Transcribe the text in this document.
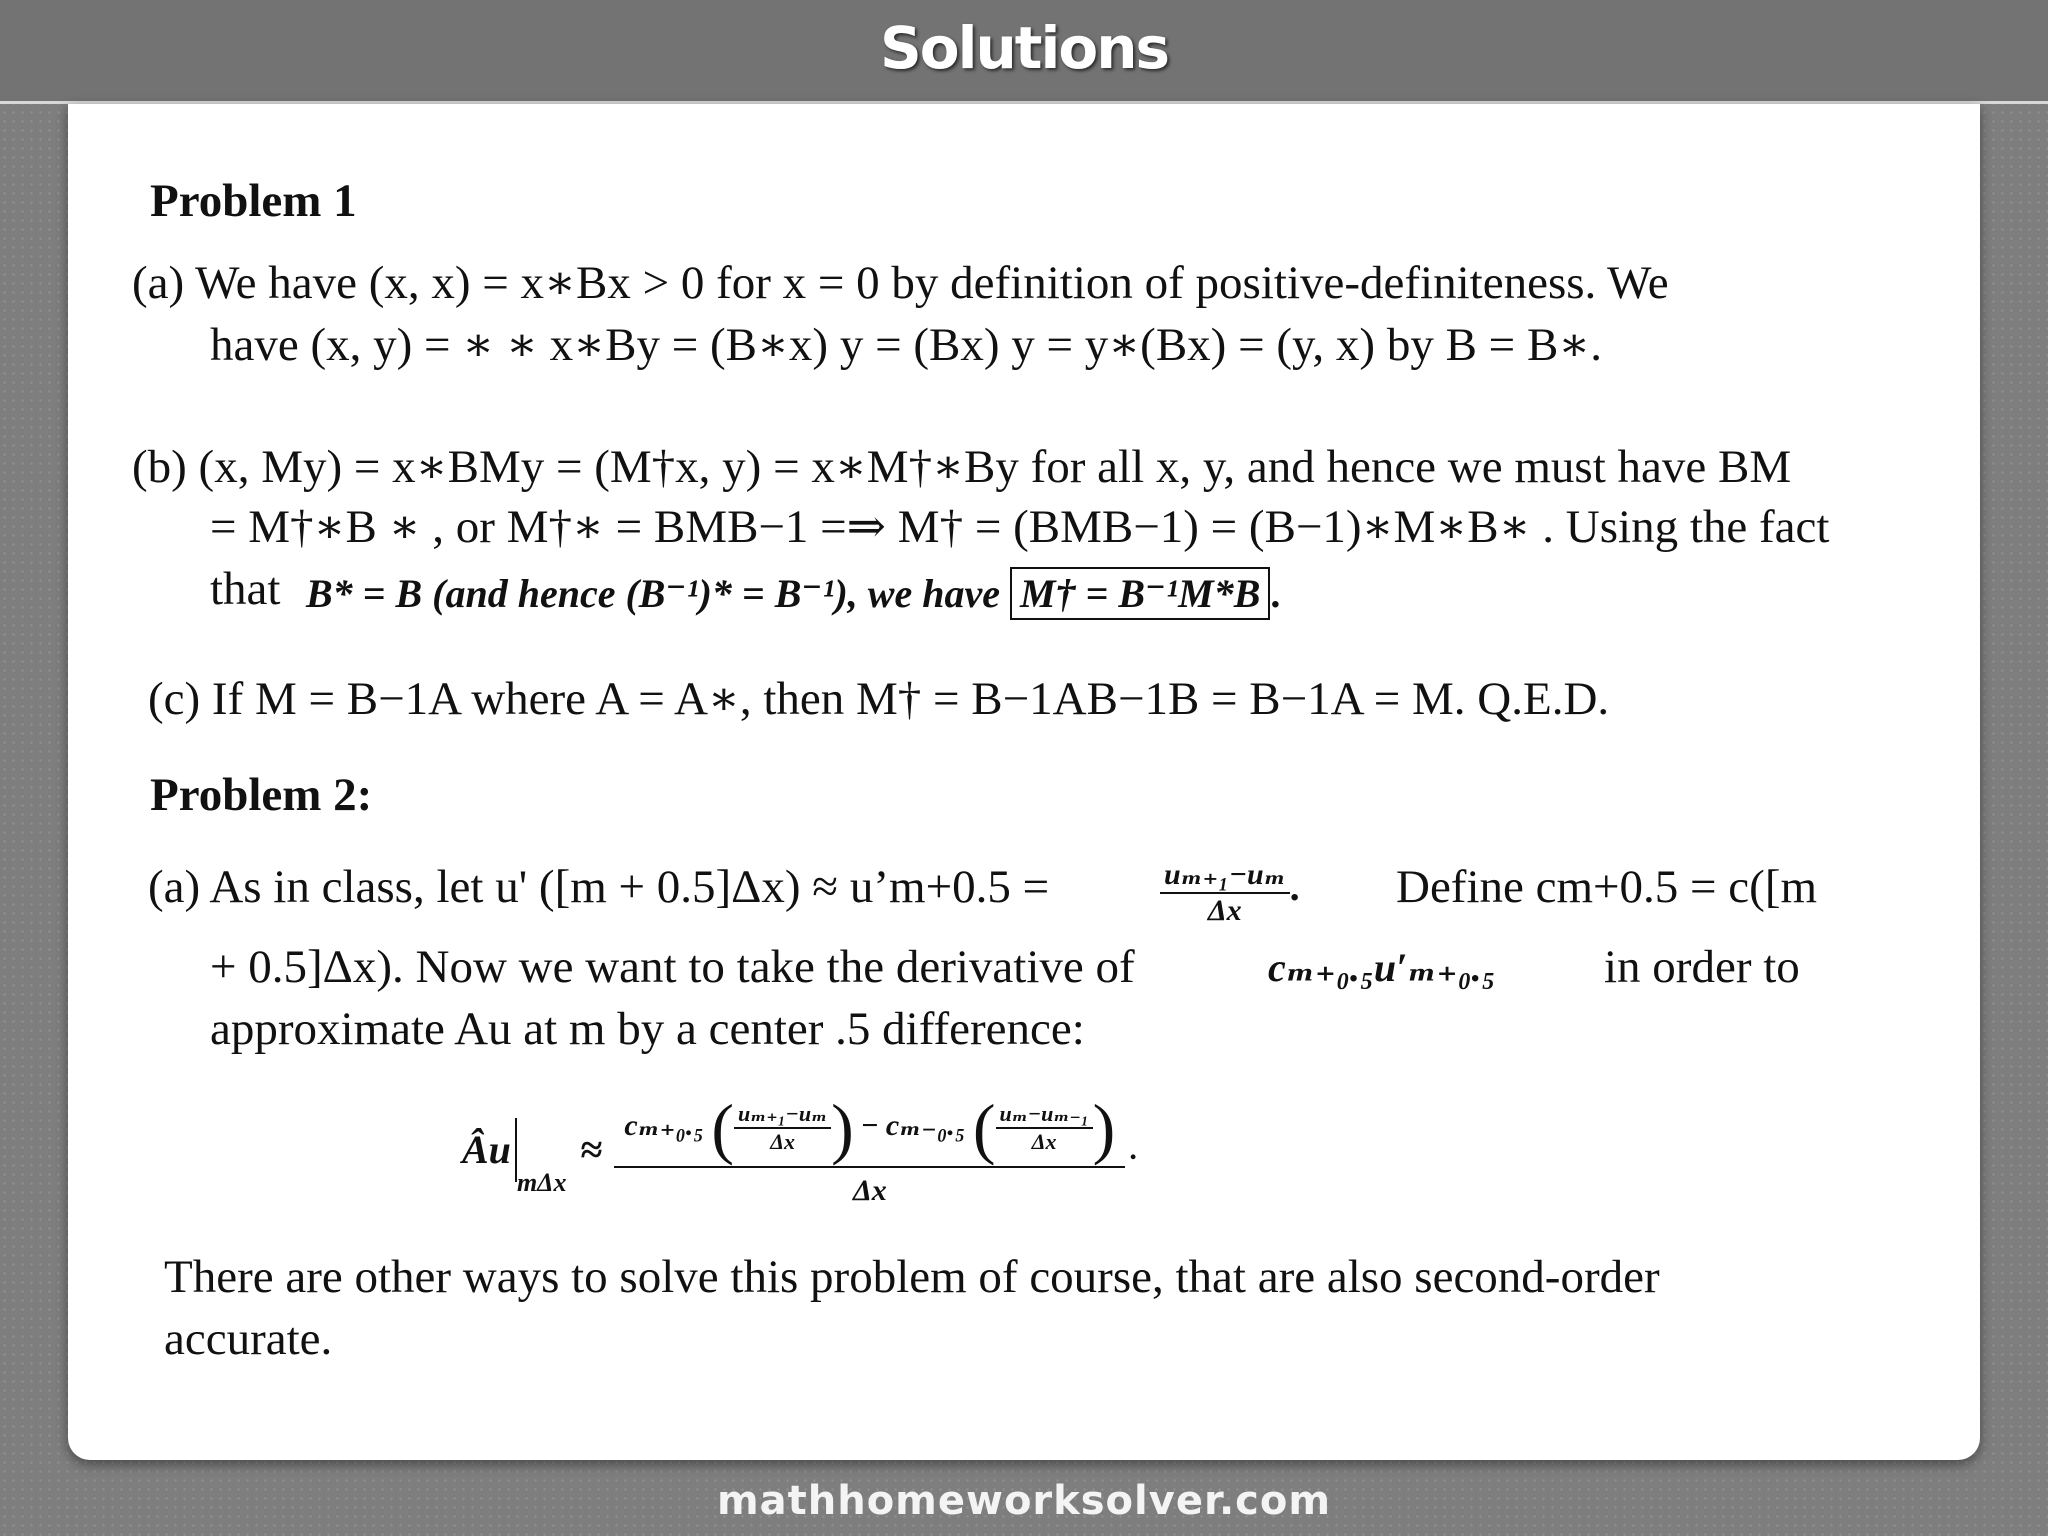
Solutions
Problem 1
(a) We have (x, x) = x∗Bx > 0 for x = 0 by definition of positive-definiteness. We
have (x, y) = ∗ ∗ x∗By = (B∗x) y = (Bx) y = y∗(Bx) = (y, x) by B = B∗.
(b) (x, My) = x∗BMy = (M†x, y) = x∗M†∗By for all x, y, and hence we must have BM
= M†∗B ∗ , or M†∗ = BMB−1 =⇒ M† = (BMB−1) = (B−1)∗M∗B∗ . Using the fact
that B* = B (and hence (B⁻¹)* = B⁻¹), we have M† = B⁻¹M*B .
(c) If M = B−1A where A = A∗, then M† = B−1AB−1B = B−1A = M. Q.E.D.
Problem 2:
(a) As in class, let u' ([m + 0.5]Δx) ≈ u’m+0.5 =	$\frac{\text{uₘ₊₁−uₘ}}{\Delta x}$ . Define cm+0.5 = c([m
+ 0.5]Δx). Now we want to take the derivative of	cₘ₊₀.₅u′ₘ₊₀.₅ in order to
approximate Au at m by a center .5 difference:
Âu
mΔx
≈
cₘ₊₀.₅ ( $\frac{\text{uₘ₊₁−uₘ}}{\Delta x}$ ) − cₘ₋₀.₅ ( $\frac{\text{uₘ−uₘ₋₁}}{\Delta x}$ )
Δx
.
There are other ways to solve this problem of course, that are also second-order
accurate.
mathhomeworksolver.com
